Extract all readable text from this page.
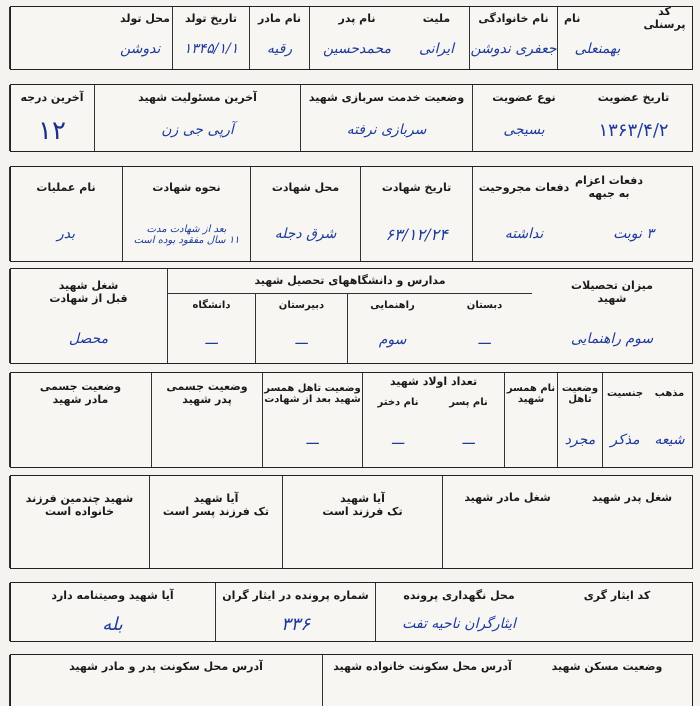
کد پرسنلی
نام
بهمنعلی
نام خانوادگی
جعفری ندوشن
ملیت
ایرانی
نام پدر
محمدحسین
نام مادر
رقیه
تاریخ تولد
۱۳۴۵/۱/۱
محل تولد
ندوشن
تاریخ عضویت
۱۳۶۳/۴/۲
نوع عضویت
بسیجی
وضعیت خدمت سربازی شهید
سربازی نرفته
آخرین مسئولیت شهید
آرپی جی زن
آخرین درجه
۱۲
دفعات اعزام
به جبهه
۳ نوبت
دفعات مجروحیت
نداشته
تاریخ شهادت
۶۳/۱۲/۲۴
محل شهادت
شرق دجله
نحوه شهادت
بعد از شهادت مدت
۱۱ سال مفقود بوده است
نام عملیات
بدر
میزان تحصیلات
شهید
سوم راهنمایی
مدارس و دانشگاههای تحصیل شهید
دبستان
ـــ
راهنمایی
سوم
دبیرستان
ـــ
دانشگاه
ـــ
شغل شهید
قبل از شهادت
محصل
مذهب
شیعه
جنسیت
مذکر
وضعیت
تاهل
مجرد
نام همسر
شهید
تعداد اولاد شهید
نام پسر
ـــ
نام دختر
ـــ
وضعیت تاهل همسر
شهید بعد از شهادت
ـــ
وضعیت جسمی
پدر شهید
وضعیت جسمی
مادر شهید
شغل پدر شهید
شغل مادر شهید
آیا شهید
تک فرزند است
آیا شهید
تک فرزند پسر است
شهید چندمین فرزند
خانواده است
کد ایثار گری
محل نگهداری پرونده
ایثارگران ناحیه تفت
شماره پرونده در ایثار گران
۳۳۶
آیا شهید وصیتنامه دارد
بله
وضعیت مسکن شهید
آدرس محل سکونت خانواده شهید
آدرس محل سکونت پدر و مادر شهید
